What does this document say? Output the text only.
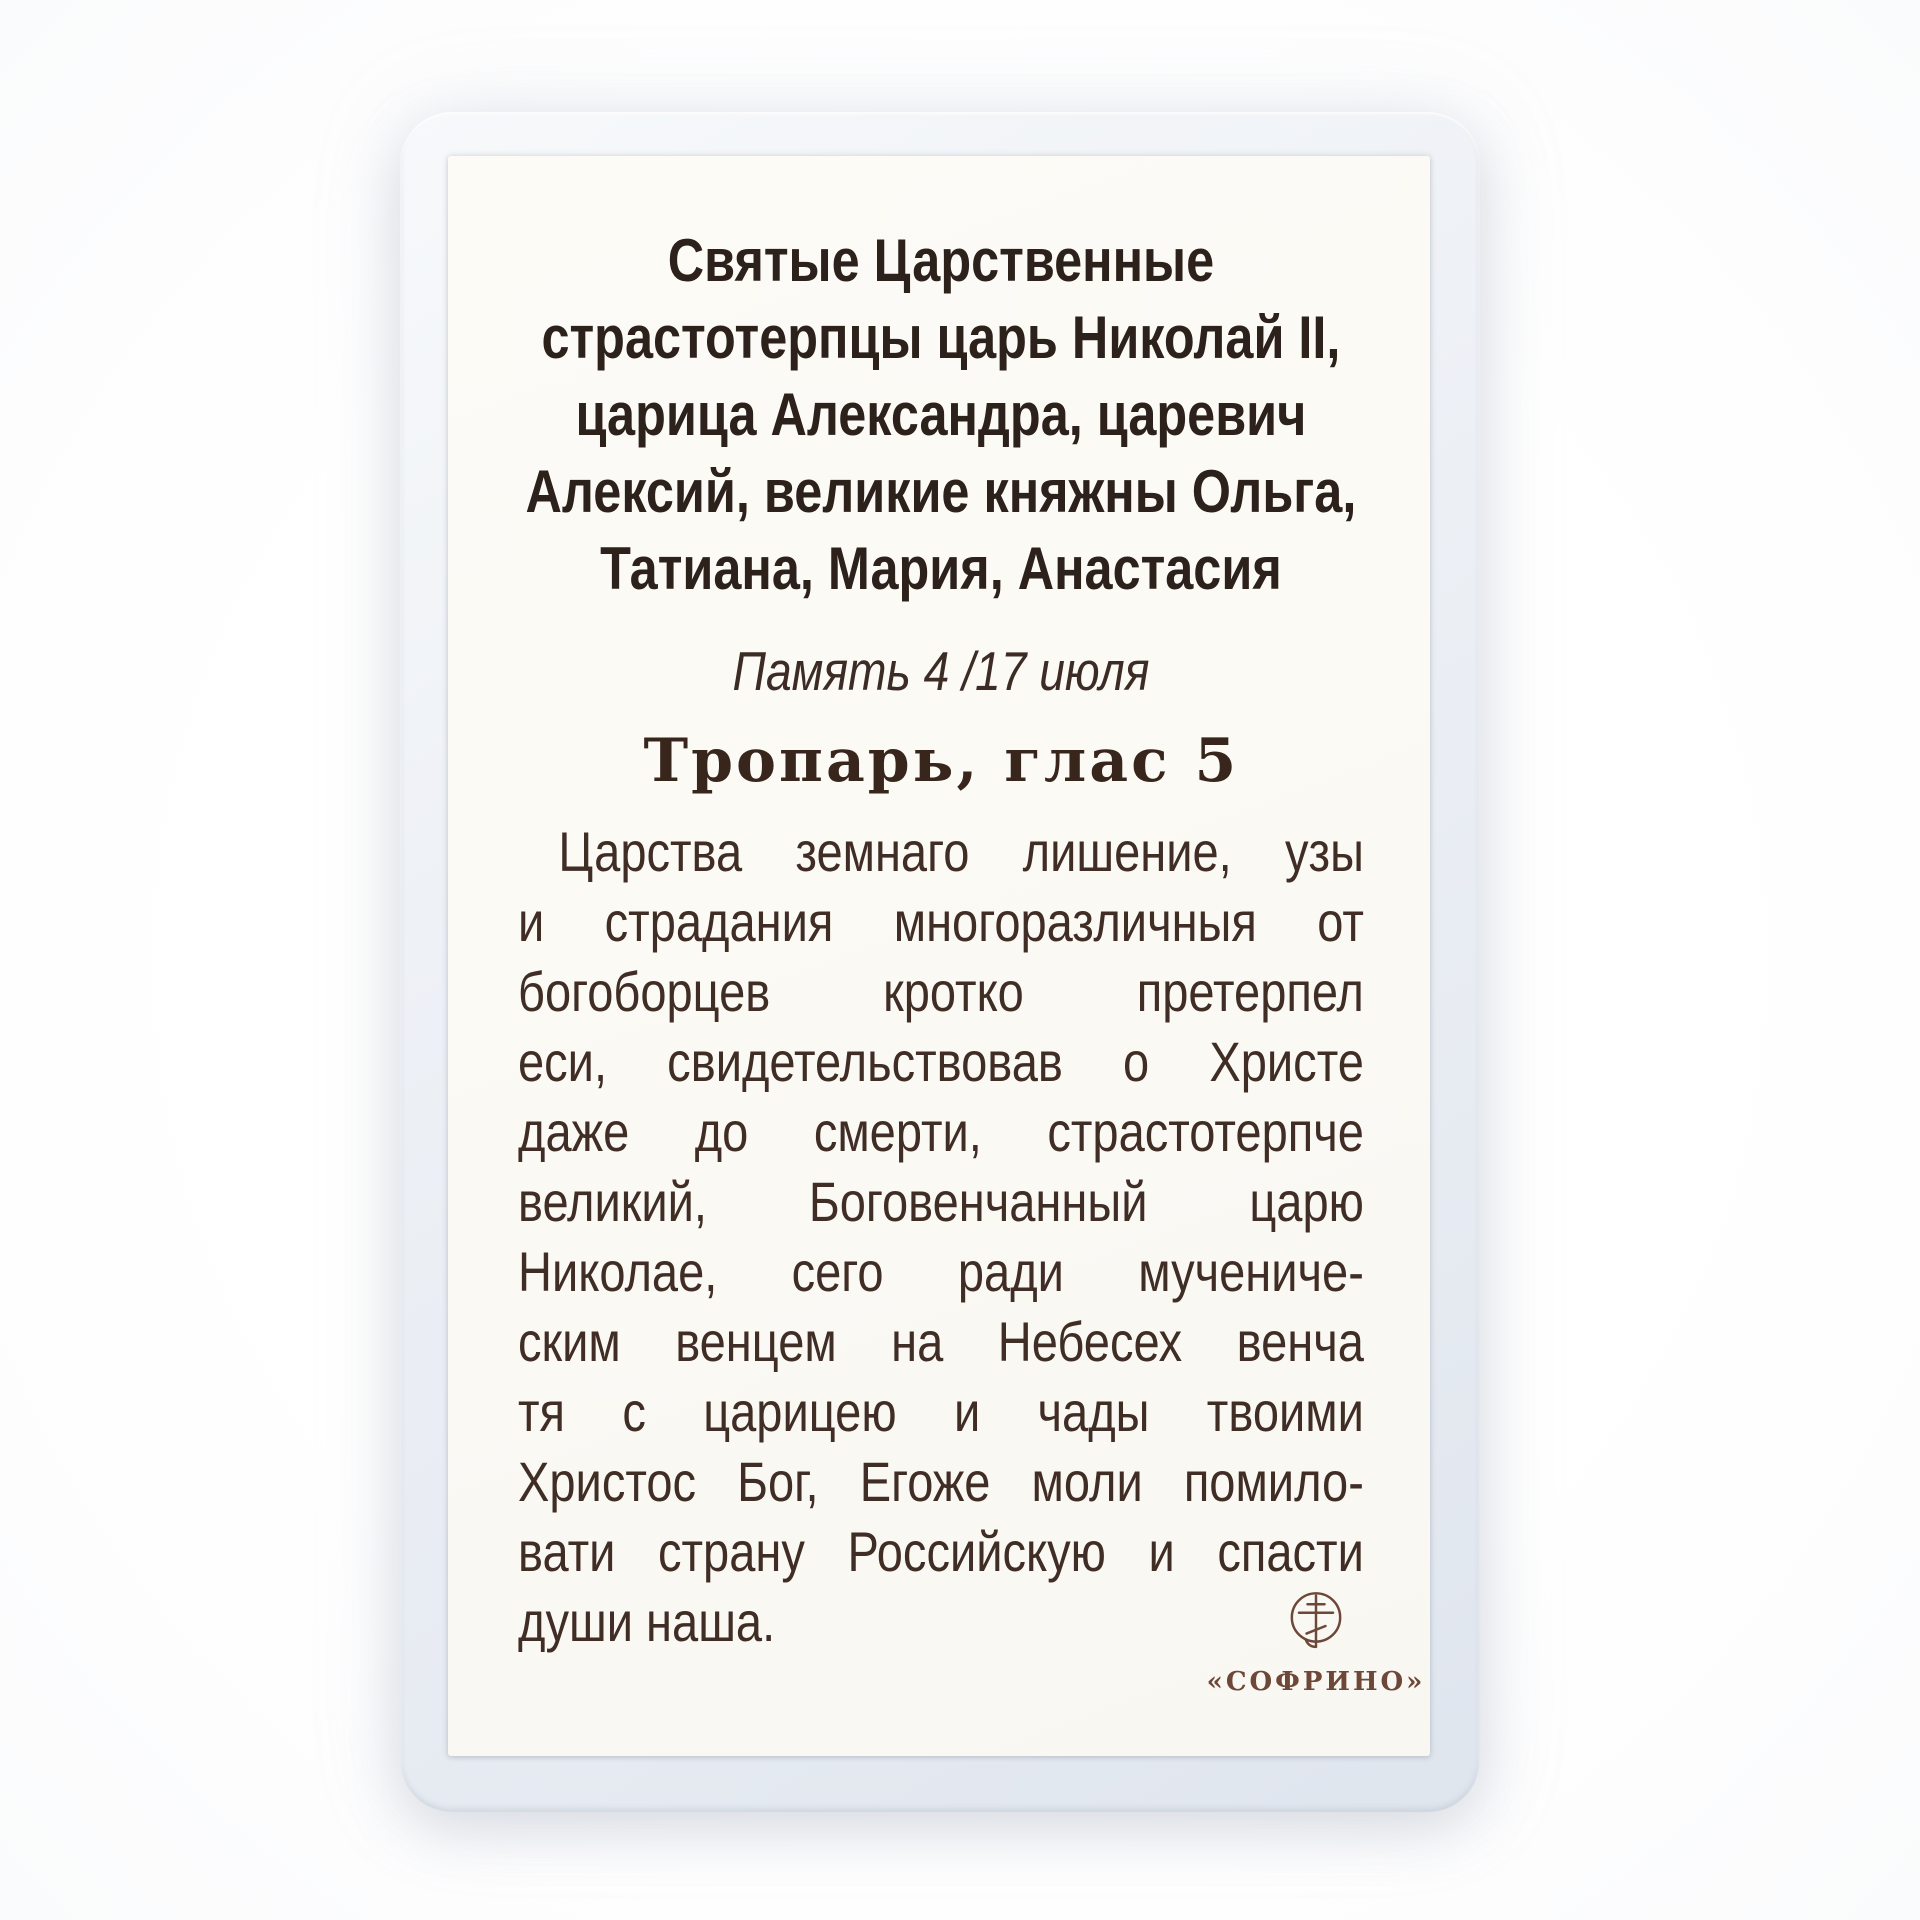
Святые Царственные
страстотерпцы царь Николай II,
царица Александра, царевич
Алексий, великие княжны Ольга,
Татиана, Мария, Анастасия
Память 4 /17 июля
Тропарь, глас 5
Царства земнаго лишение, узы
и страдания многоразличныя от
богоборцев кротко претерпел
еси, свидетельствовав о Христе
даже до смерти, страстотерпче
великий, Боговенчанный царю
Николае, сего ради мучениче-
ским венцем на Небесех венча
тя с царицею и чады твоими
Христос Бог, Егоже моли помило-
вати страну Российскую и спасти
души наша.
«СОФРИНО»
